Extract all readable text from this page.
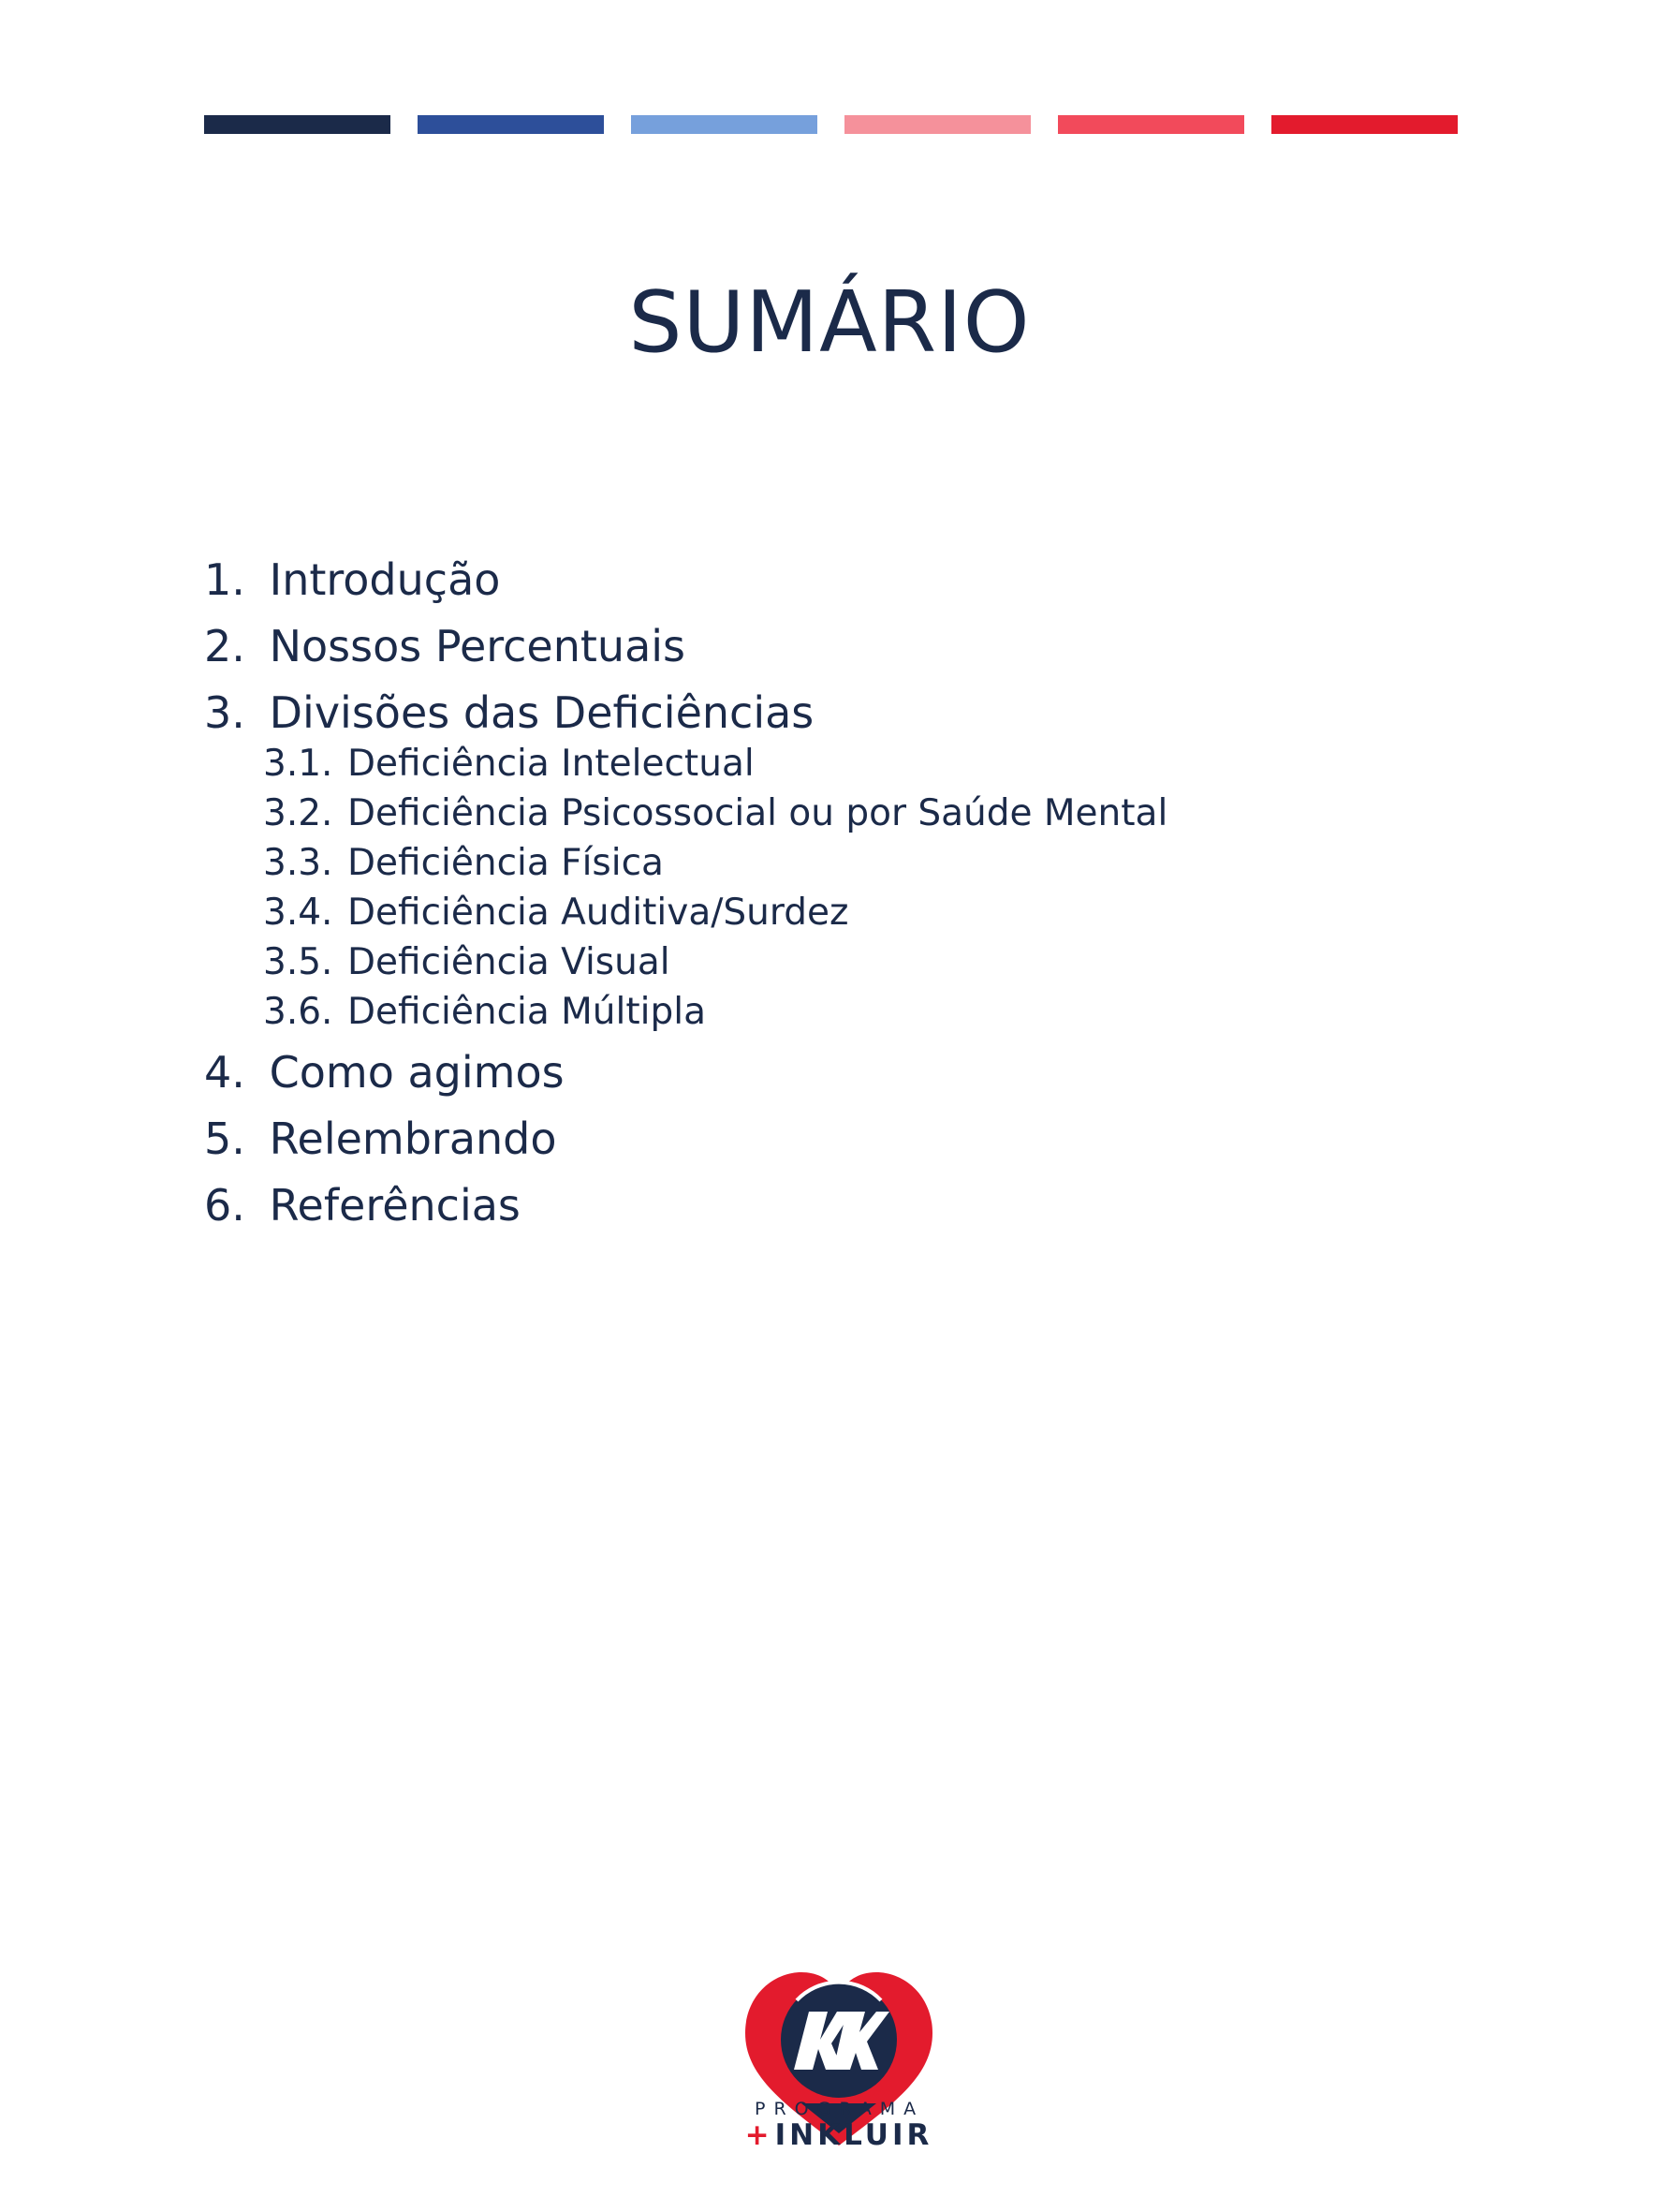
SUMÁRIO
1. Introdução
2. Nossos Percentuais
3. Divisões das Deficiências
3.1. Deficiência Intelectual
3.2. Deficiência Psicossocial ou por Saúde Mental
3.3. Deficiência Física
3.4. Deficiência Auditiva/Surdez
3.5. Deficiência Visual
3.6. Deficiência Múltipla
4. Como agimos
5. Relembrando
6. Referências
PROGRAMA
+INKLUIR
